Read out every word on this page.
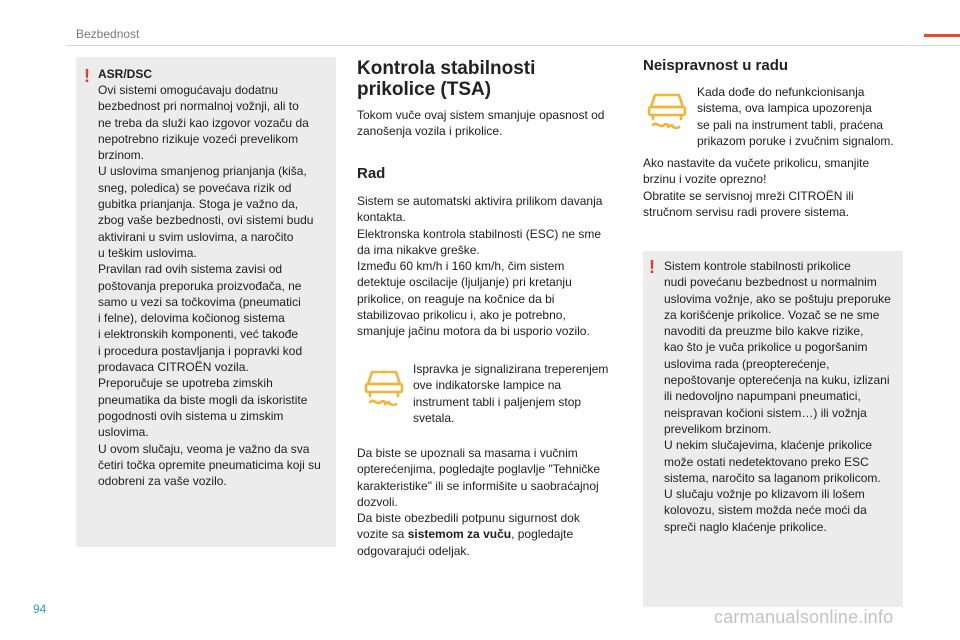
Bezbednost
! ASR/DSC
Ovi sistemi omogućavaju dodatnu
bezbednost pri normalnoj vožnji, ali to
ne treba da služi kao izgovor vozaču da
nepotrebno rizikuje vozeći prevelikom
brzinom.
U uslovima smanjenog prianjanja (kiša,
sneg, poledica) se povećava rizik od
gubitka prianjanja. Stoga je važno da,
zbog vaše bezbednosti, ovi sistemi budu
aktivirani u svim uslovima, a naročito
u teškim uslovima.
Pravilan rad ovih sistema zavisi od
poštovanja preporuka proizvođača, ne
samo u vezi sa točkovima (pneumatici
i felne), delovima kočionog sistema
i elektronskih komponenti, već takođe
i procedura postavljanja i popravki kod
prodavaca CITROËN vozila.
Preporučuje se upotreba zimskih
pneumatika da biste mogli da iskoristite
pogodnosti ovih sistema u zimskim
uslovima.
U ovom slučaju, veoma je važno da sva
četiri točka opremite pneumaticima koji su
odobreni za vaše vozilo.
Kontrola stabilnosti
prikolice (TSA)
Tokom vuče ovaj sistem smanjuje opasnost od
zanošenja vozila i prikolice.
Rad
Sistem se automatski aktivira prilikom davanja
kontakta.
Elektronska kontrola stabilnosti (ESC) ne sme
da ima nikakve greške.
Između 60 km/h i 160 km/h, čim sistem
detektuje oscilacije (ljuljanje) pri kretanju
prikolice, on reaguje na kočnice da bi
stabilizovao prikolicu i, ako je potrebno,
smanjuje jačinu motora da bi usporio vozilo.
Ispravka je signalizirana treperenjem
ove indikatorske lampice na
instrument tabli i paljenjem stop
svetala.
Da biste se upoznali sa masama i vučnim
opterećenjima, pogledajte poglavlje "Tehničke
karakteristike" ili se informišite u saobraćajnoj
dozvoli.
Da biste obezbedili potpunu sigurnost dok
vozite sa sistemom za vuču, pogledajte
odgovarajući odeljak.
Neispravnost u radu
Kada dođe do nefunkcionisanja
sistema, ova lampica upozorenja
se pali na instrument tabli, praćena
prikazom poruke i zvučnim signalom.
Ako nastavite da vučete prikolicu, smanjite
brzinu i vozite oprezno!
Obratite se servisnoj mreži CITROËN ili
stručnom servisu radi provere sistema.
! Sistem kontrole stabilnosti prikolice
nudi povećanu bezbednost u normalnim
uslovima vožnje, ako se poštuju preporuke
za korišćenje prikolice. Vozač se ne sme
navoditi da preuzme bilo kakve rizike,
kao što je vuča prikolice u pogoršanim
uslovima rada (preopterećenje,
nepoštovanje opterećenja na kuku, izlizani
ili nedovoljno napumpani pneumatici,
neispravan kočioni sistem…) ili vožnja
prevelikom brzinom.
U nekim slučajevima, klaćenje prikolice
može ostati nedetektovano preko ESC
sistema, naročito sa laganom prikolicom.
U slučaju vožnje po klizavom ili lošem
kolovozu, sistem možda neće moći da
spreči naglo klaćenje prikolice.
94	carmanualsonline.info
